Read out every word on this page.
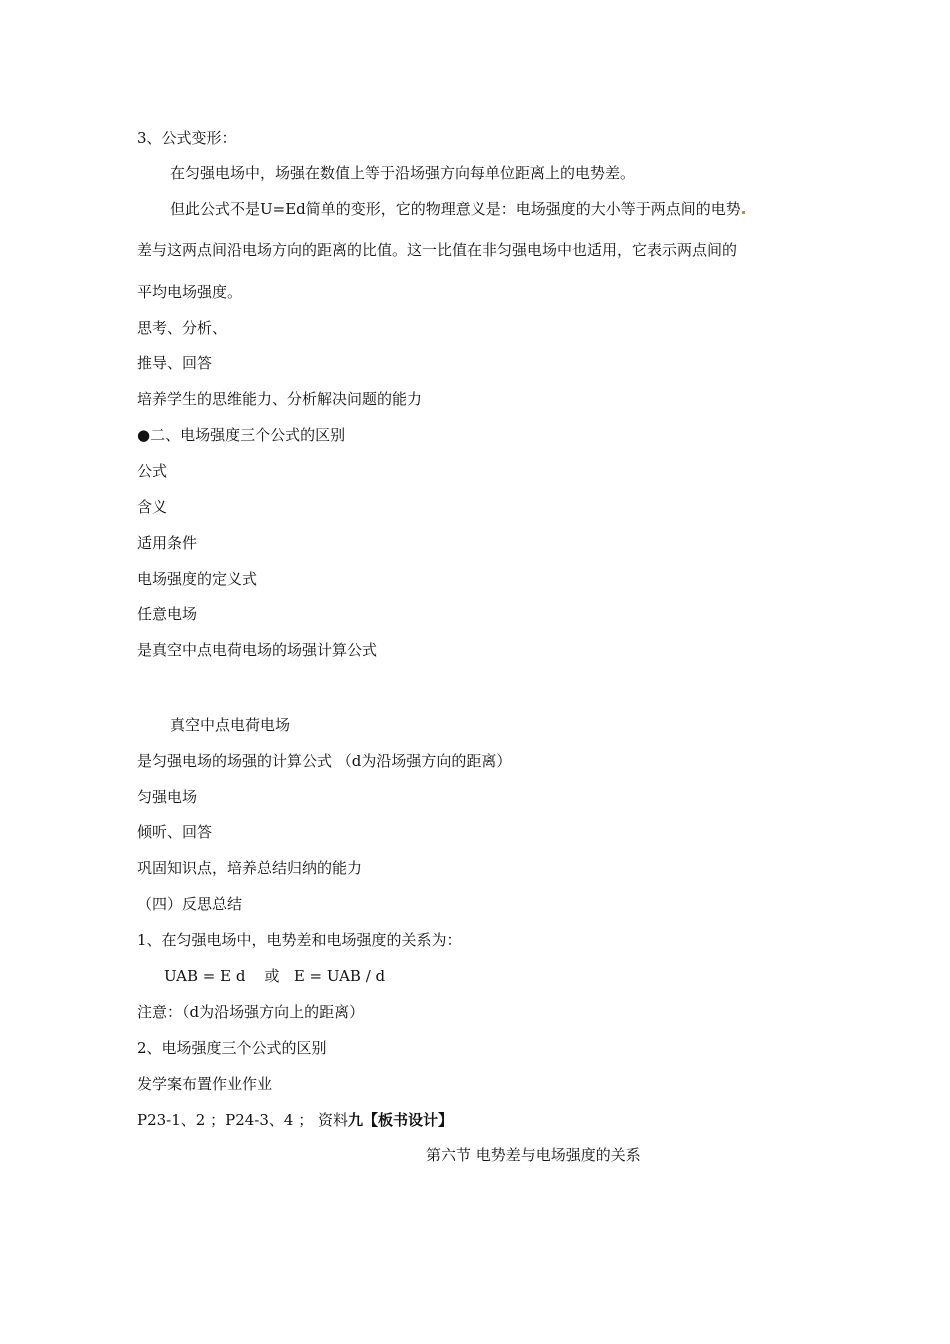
3、公式变形：

在匀强电场中，场强在数值上等于沿场强方向每单位距离上的电势差。

但此公式不是U=Ed简单的变形，它的物理意义是：电场强度的大小等于两点间的电势

差与这两点间沿电场方向的距离的比值。这一比值在非匀强电场中也适用，它表示两点间的

平均电场强度。

思考、分析、

推导、回答

培养学生的思维能力、分析解决问题的能力

●二、电场强度三个公式的区别

公式

含义

适用条件

电场强度的定义式

任意电场

是真空中点电荷电场的场强计算公式

真空中点电荷电场

是匀强电场的场强的计算公式 （d为沿场强方向的距离）

匀强电场

倾听、回答

巩固知识点，培养总结归纳的能力

（四）反思总结

1、在匀强电场中，电势差和电场强度的关系为：

UAB = E d    或   E = UAB / d

注意：（d为沿场强方向上的距离）

2、电场强度三个公式的区别

发学案布置作业作业

P23-1、2 ；P24-3、4 ； 资料九【板书设计】

第六节 电势差与电场强度的关系
